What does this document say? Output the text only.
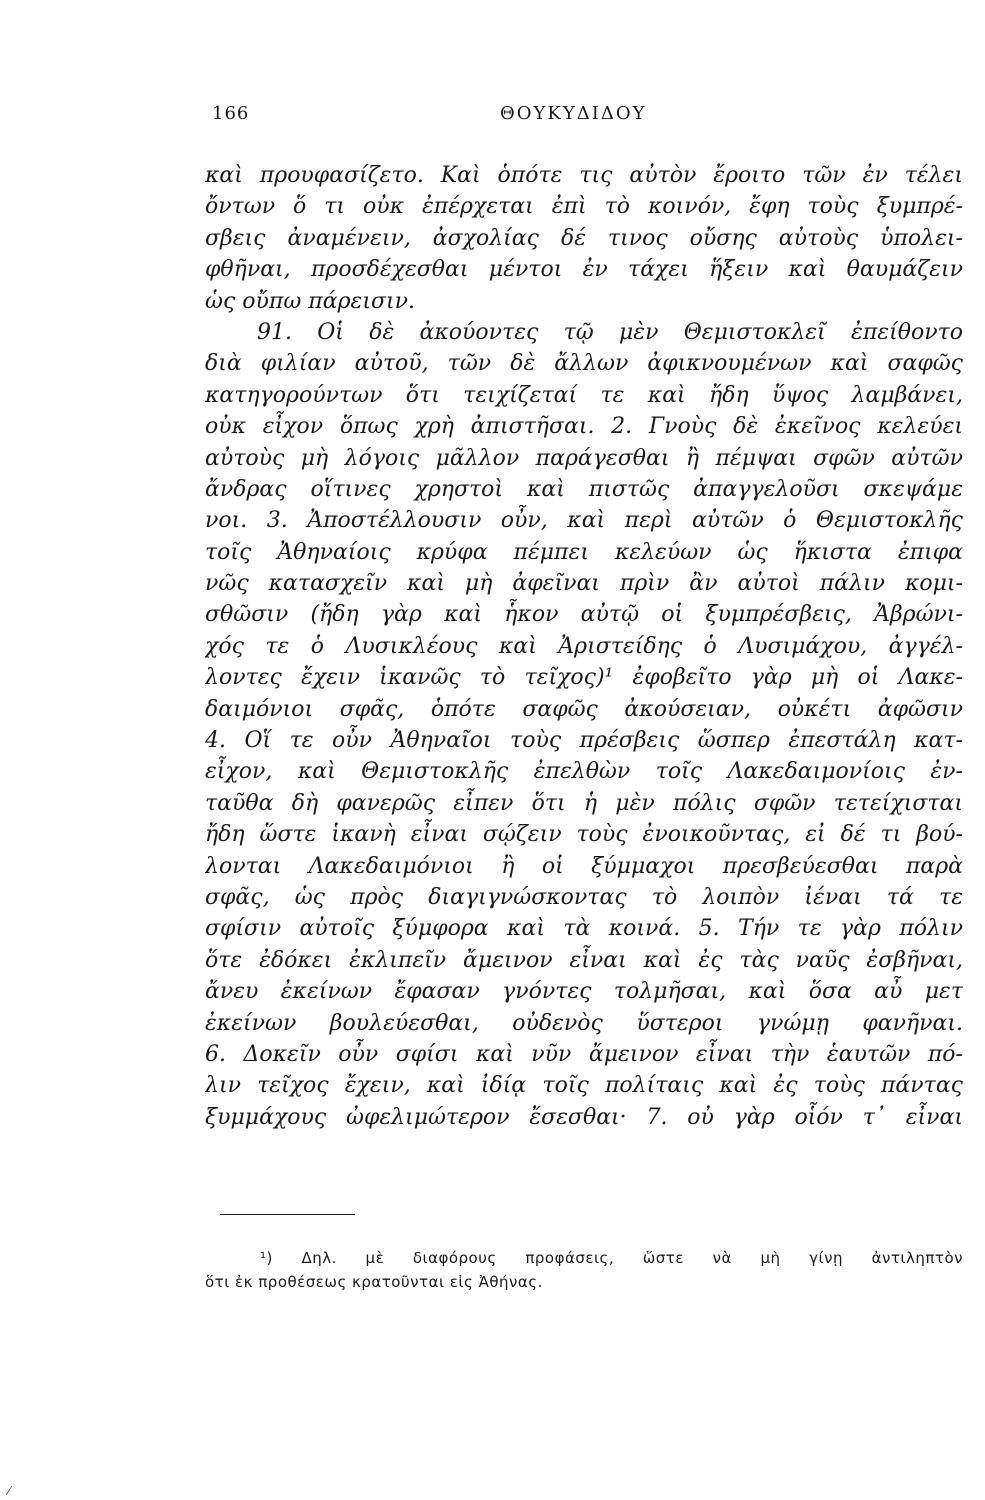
166	ΘΟΥΚΥΔΙΔΟΥ
καὶ προυφασίζετο. Καὶ ὁπότε τις αὐτὸν ἔροιτο τῶν ἐν τέλει
ὄντων ὅ τι οὐκ ἐπέρχεται ἐπὶ τὸ κοινόν, ἔφη τοὺς ξυμπρέ-
σβεις ἀναμένειν, ἀσχολίας δέ τινος οὔσης αὐτοὺς ὑπολει-
φθῆναι, προσδέχεσθαι μέντοι ἐν τάχει ἥξειν καὶ θαυμάζειν
ὡς οὔπω πάρεισιν.
91. Οἱ δὲ ἀκούοντες τῷ μὲν Θεμιστοκλεῖ ἐπείθοντο
διὰ φιλίαν αὐτοῦ, τῶν δὲ ἄλλων ἀφικνουμένων καὶ σαφῶς
κατηγορούντων ὅτι τειχίζεταί τε καὶ ἤδη ὕψος λαμβάνει,
οὐκ εἶχον ὅπως χρὴ ἀπιστῆσαι. 2. Γνοὺς δὲ ἐκεῖνος κελεύει
αὐτοὺς μὴ λόγοις μᾶλλον παράγεσθαι ἢ πέμψαι σφῶν αὐτῶν
ἄνδρας οἵτινες χρηστοὶ καὶ πιστῶς ἀπαγγελοῦσι σκεψάμε
νοι. 3. Ἀποστέλλουσιν οὖν, καὶ περὶ αὐτῶν ὁ Θεμιστοκλῆς
τοῖς Ἀθηναίοις κρύφα πέμπει κελεύων ὡς ἥκιστα ἐπιφα
νῶς κατασχεῖν καὶ μὴ ἀφεῖναι πρὶν ἂν αὐτοὶ πάλιν κομι-
σθῶσιν (ἤδη γὰρ καὶ ἧκον αὐτῷ οἱ ξυμπρέσβεις, Ἀβρώνι-
χός τε ὁ Λυσικλέους καὶ Ἀριστείδης ὁ Λυσιμάχου, ἀγγέλ-
λοντες ἔχειν ἱκανῶς τὸ τεῖχος)¹ ἐφοβεῖτο γὰρ μὴ οἱ Λακε-
δαιμόνιοι σφᾶς, ὁπότε σαφῶς ἀκούσειαν, οὐκέτι ἀφῶσιν
4. Οἵ τε οὖν Ἀθηναῖοι τοὺς πρέσβεις ὥσπερ ἐπεστάλη κατ-
εἶχον, καὶ Θεμιστοκλῆς ἐπελθὼν τοῖς Λακεδαιμονίοις ἐν-
ταῦθα δὴ φανερῶς εἶπεν ὅτι ἡ μὲν πόλις σφῶν τετείχισται
ἤδη ὥστε ἱκανὴ εἶναι σῴζειν τοὺς ἐνοικοῦντας, εἰ δέ τι βού-
λονται Λακεδαιμόνιοι ἢ οἱ ξύμμαχοι πρεσβεύεσθαι παρὰ
σφᾶς, ὡς πρὸς διαγιγνώσκοντας τὸ λοιπὸν ἰέναι τά τε
σφίσιν αὐτοῖς ξύμφορα καὶ τὰ κοινά. 5. Τήν τε γὰρ πόλιν
ὅτε ἐδόκει ἐκλιπεῖν ἄμεινον εἶναι καὶ ἐς τὰς ναῦς ἐσβῆναι,
ἄνευ ἐκείνων ἔφασαν γνόντες τολμῆσαι, καὶ ὅσα αὖ μετ
ἐκείνων βουλεύεσθαι, οὐδενὸς ὕστεροι γνώμῃ φανῆναι.
6. Δοκεῖν οὖν σφίσι καὶ νῦν ἄμεινον εἶναι τὴν ἑαυτῶν πό-
λιν τεῖχος ἔχειν, καὶ ἰδίᾳ τοῖς πολίταις καὶ ἐς τοὺς πάντας
ξυμμάχους ὠφελιμώτερον ἔσεσθαι· 7. οὐ γὰρ οἷόν τ᾽ εἶναι
¹) Δηλ. μὲ διαφόρους προφάσεις, ὥστε νὰ μὴ γίνῃ ἀντιληπτὸν
ὅτι ἐκ προθέσεως κρατοῦνται εἰς Ἀθήνας.
⁄
